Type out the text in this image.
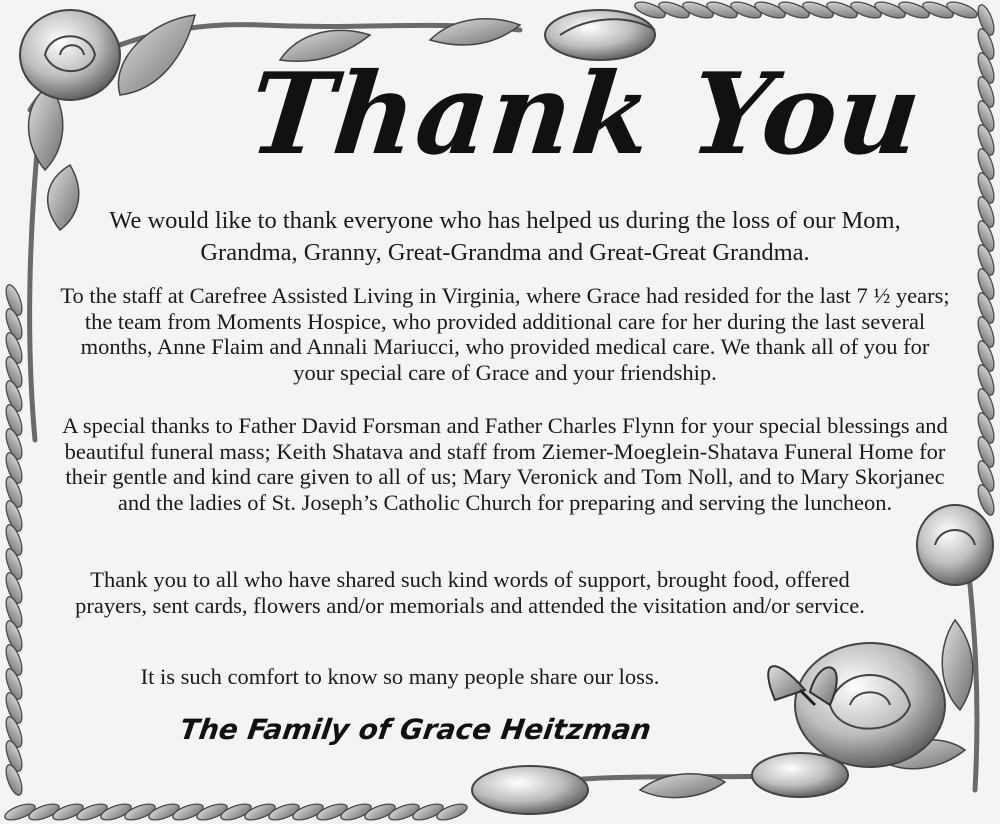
Thank You
We would like to thank everyone who has helped us during the loss of our Mom, Grandma, Granny, Great-Grandma and Great-Great Grandma.
To the staff at Carefree Assisted Living in Virginia, where Grace had resided for the last 7 ½ years; the team from Moments Hospice, who provided additional care for her during the last several months, Anne Flaim and Annali Mariucci, who provided medical care. We thank all of you for your special care of Grace and your friendship.
A special thanks to Father David Forsman and Father Charles Flynn for your special blessings and beautiful funeral mass; Keith Shatava and staff from Ziemer-Moeglein-Shatava Funeral Home for their gentle and kind care given to all of us; Mary Veronick and Tom Noll, and to Mary Skorjanec and the ladies of St. Joseph’s Catholic Church for preparing and serving the luncheon.
Thank you to all who have shared such kind words of support, brought food, offered prayers, sent cards, flowers and/or memorials and attended the visitation and/or service.
It is such comfort to know so many people share our loss.
The Family of Grace Heitzman
